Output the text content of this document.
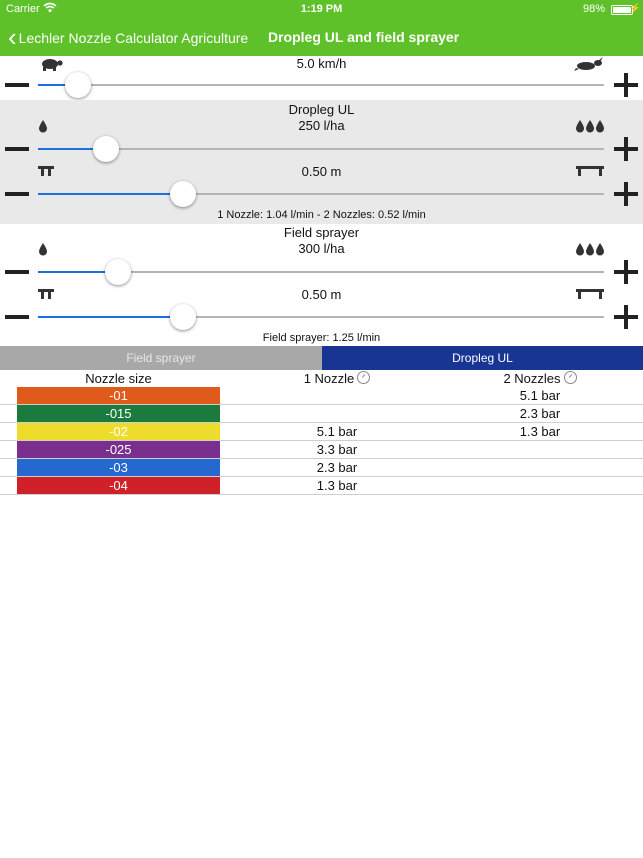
Carrier	1:19 PM	98%	⚡
‹ Lechler Nozzle Calculator Agriculture Dropleg UL and field sprayer
5.0 km/h
Dropleg UL
250 l/ha
0.50 m
1 Nozzle: 1.04 l/min - 2 Nozzles: 0.52 l/min
Field sprayer
300 l/ha
0.50 m
Field sprayer: 1.25 l/min
Field sprayer	Dropleg UL
Nozzle size	1 Nozzle	2 Nozzles

-01		5.1 bar

-015		2.3 bar

-02	5.1 bar	1.3 bar

-025	3.3 bar	

-03	2.3 bar	

-04	1.3 bar	
